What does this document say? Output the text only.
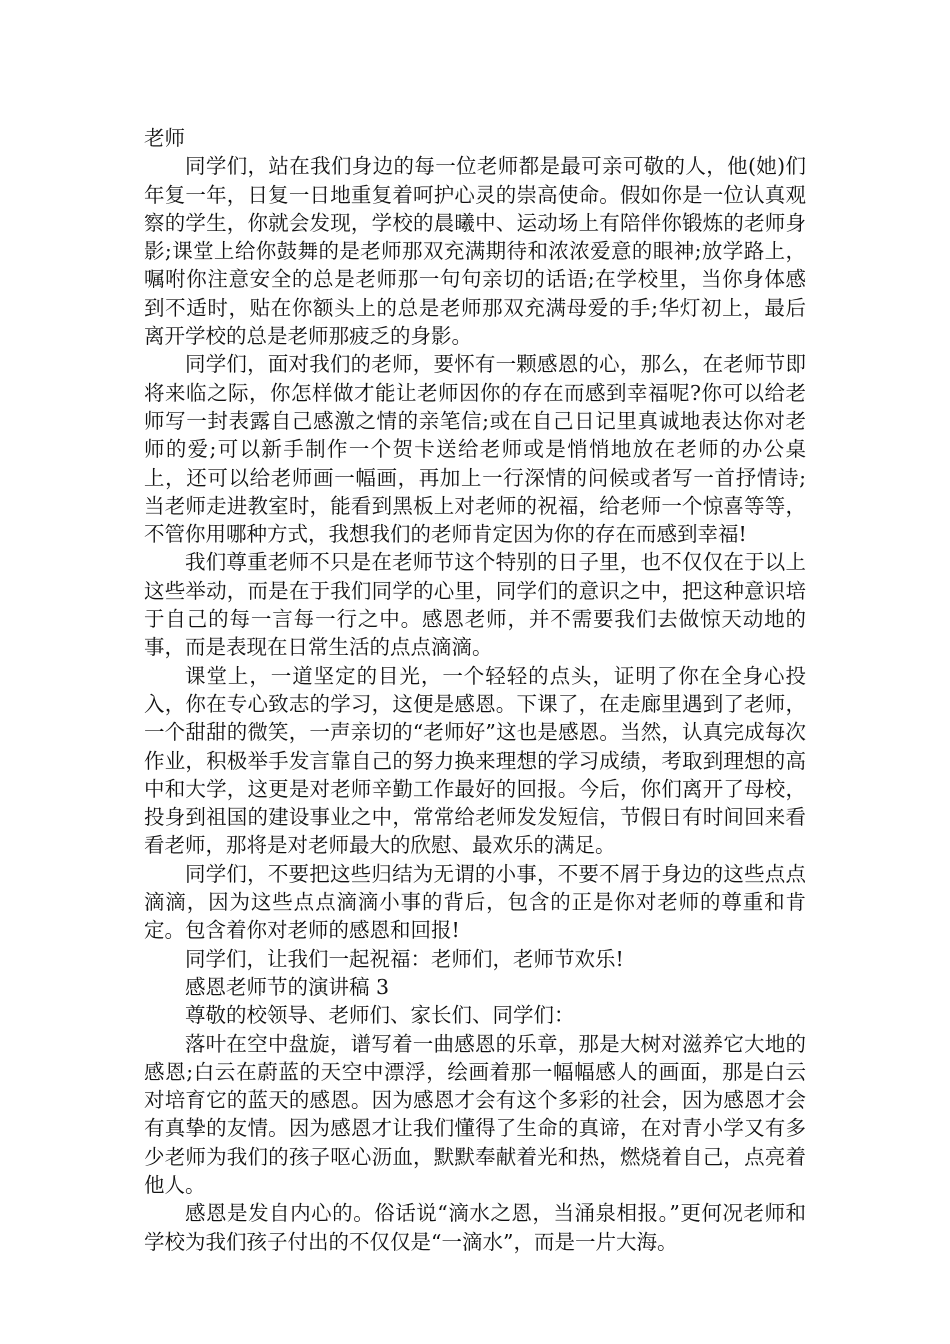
老师

同学们，站在我们身边的每一位老师都是最可亲可敬的人，他(她)们年复一年，日复一日地重复着呵护心灵的崇高使命。假如你是一位认真观察的学生，你就会发现，学校的晨曦中、运动场上有陪伴你锻炼的老师身影;课堂上给你鼓舞的是老师那双充满期待和浓浓爱意的眼神;放学路上，嘱咐你注意安全的总是老师那一句句亲切的话语;在学校里，当你身体感到不适时，贴在你额头上的总是老师那双充满母爱的手;华灯初上，最后离开学校的总是老师那疲乏的身影。

同学们，面对我们的老师，要怀有一颗感恩的心，那么，在老师节即将来临之际，你怎样做才能让老师因你的存在而感到幸福呢?你可以给老师写一封表露自己感激之情的亲笔信;或在自己日记里真诚地表达你对老师的爱;可以新手制作一个贺卡送给老师或是悄悄地放在老师的办公桌上，还可以给老师画一幅画，再加上一行深情的问候或者写一首抒情诗;当老师走进教室时，能看到黑板上对老师的祝福，给老师一个惊喜等等，不管你用哪种方式，我想我们的老师肯定因为你的存在而感到幸福!

我们尊重老师不只是在老师节这个特别的日子里，也不仅仅在于以上这些举动，而是在于我们同学的心里，同学们的意识之中，把这种意识培于自己的每一言每一行之中。感恩老师，并不需要我们去做惊天动地的事，而是表现在日常生活的点点滴滴。

课堂上，一道坚定的目光，一个轻轻的点头，证明了你在全身心投入，你在专心致志的学习，这便是感恩。下课了，在走廊里遇到了老师，一个甜甜的微笑，一声亲切的“老师好”这也是感恩。当然，认真完成每次作业，积极举手发言靠自己的努力换来理想的学习成绩，考取到理想的高中和大学，这更是对老师辛勤工作最好的回报。今后，你们离开了母校，投身到祖国的建设事业之中，常常给老师发发短信，节假日有时间回来看看老师，那将是对老师最大的欣慰、最欢乐的满足。

同学们，不要把这些归结为无谓的小事，不要不屑于身边的这些点点滴滴，因为这些点点滴滴小事的背后，包含的正是你对老师的尊重和肯定。包含着你对老师的感恩和回报!

同学们，让我们一起祝福：老师们，老师节欢乐!

感恩老师节的演讲稿 3

尊敬的校领导、老师们、家长们、同学们：

落叶在空中盘旋，谱写着一曲感恩的乐章，那是大树对滋养它大地的感恩;白云在蔚蓝的天空中漂浮，绘画着那一幅幅感人的画面，那是白云对培育它的蓝天的感恩。因为感恩才会有这个多彩的社会，因为感恩才会有真挚的友情。因为感恩才让我们懂得了生命的真谛，在对青小学又有多少老师为我们的孩子呕心沥血，默默奉献着光和热，燃烧着自己，点亮着他人。

感恩是发自内心的。俗话说“滴水之恩，当涌泉相报。”更何况老师和学校为我们孩子付出的不仅仅是“一滴水”，而是一片大海。
